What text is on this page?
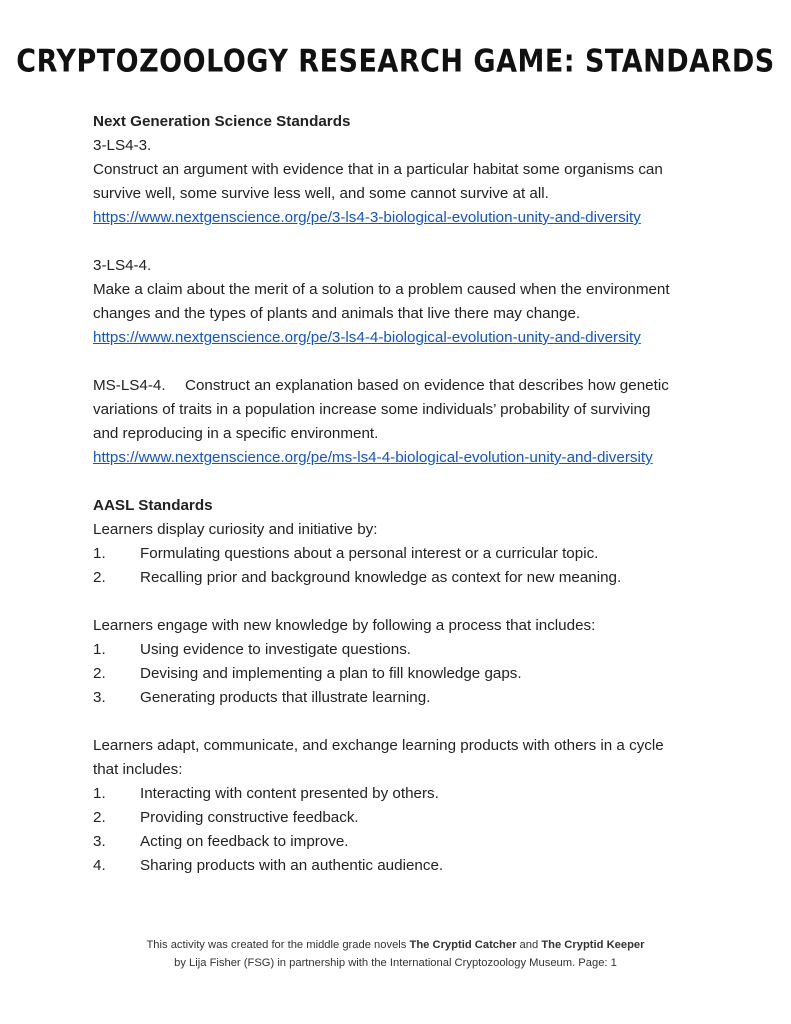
CRYPTOZOOLOGY RESEARCH GAME: STANDARDS

Next Generation Science Standards

3-LS4-3.

Construct an argument with evidence that in a particular habitat some organisms can

survive well, some survive less well, and some cannot survive at all.

https://www.nextgenscience.org/pe/3-ls4-3-biological-evolution-unity-and-diversity

3-LS4-4.

Make a claim about the merit of a solution to a problem caused when the environment

changes and the types of plants and animals that live there may change.

https://www.nextgenscience.org/pe/3-ls4-4-biological-evolution-unity-and-diversity

MS-LS4-4. Construct an explanation based on evidence that describes how genetic

variations of traits in a population increase some individuals’ probability of surviving

and reproducing in a specific environment.

https://www.nextgenscience.org/pe/ms-ls4-4-biological-evolution-unity-and-diversity

AASL Standards

Learners display curiosity and initiative by:

1.	Formulating questions about a personal interest or a curricular topic.

2.	Recalling prior and background knowledge as context for new meaning.

Learners engage with new knowledge by following a process that includes:

1.	Using evidence to investigate questions.

2.	Devising and implementing a plan to fill knowledge gaps.

3.	Generating products that illustrate learning.

Learners adapt, communicate, and exchange learning products with others in a cycle

that includes:

1.	Interacting with content presented by others.

2.	Providing constructive feedback.

3.	Acting on feedback to improve.

4.	Sharing products with an authentic audience.

This activity was created for the middle grade novels The Cryptid Catcher and The Cryptid Keeper
by Lija Fisher (FSG) in partnership with the International Cryptozoology Museum. Page: 1
